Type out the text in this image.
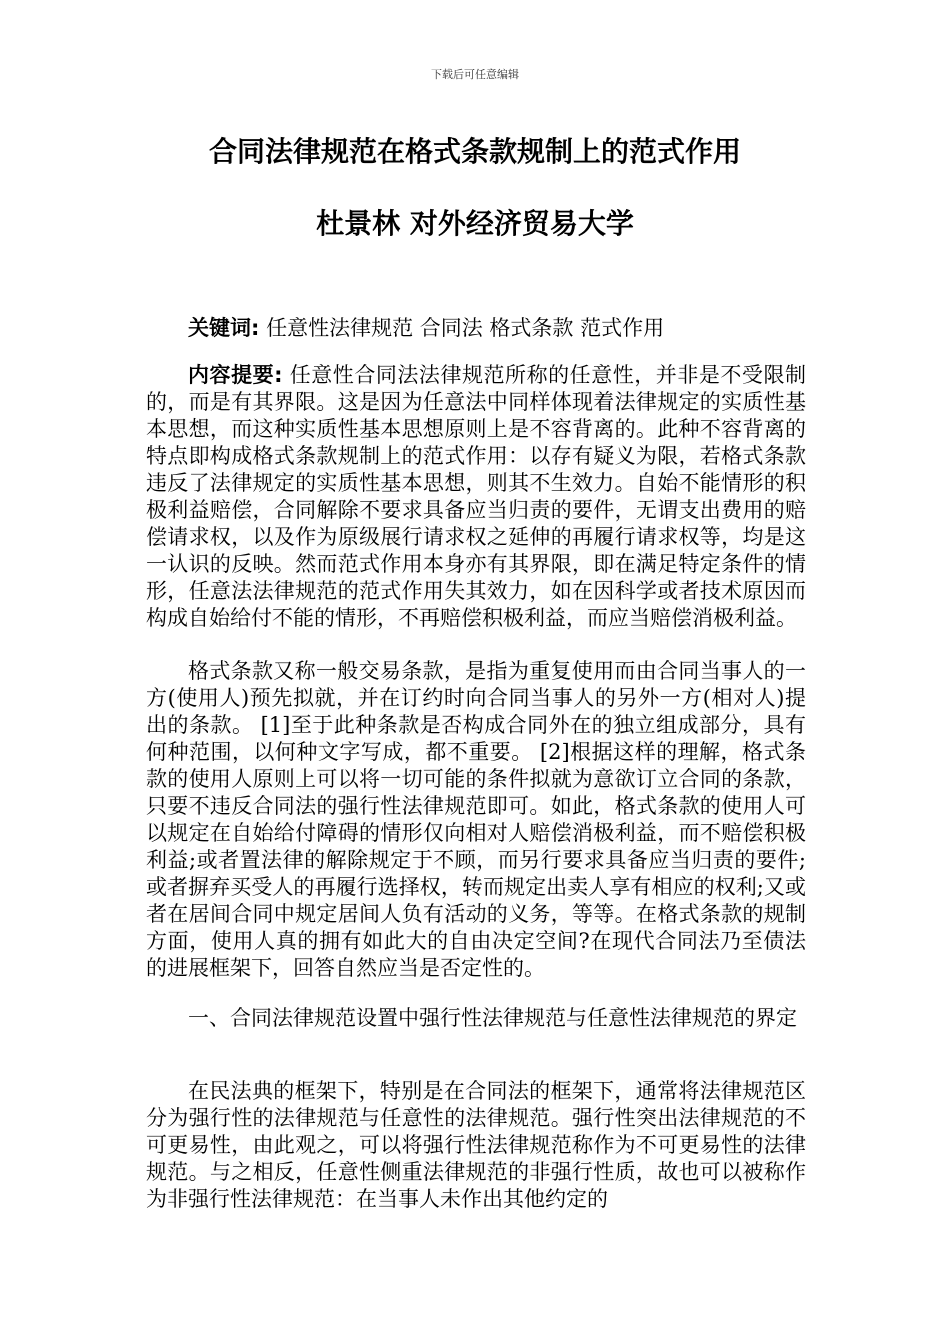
下载后可任意编辑
合同法律规范在格式条款规制上的范式作用
杜景林 对外经济贸易大学

关键词: 任意性法律规范 合同法 格式条款 范式作用

内容提要: 任意性合同法法律规范所称的任意性，并非是不受限制的，而是有其界限。这是因为任意法中同样体现着法律规定的实质性基本思想，而这种实质性基本思想原则上是不容背离的。此种不容背离的特点即构成格式条款规制上的范式作用：以存有疑义为限，若格式条款违反了法律规定的实质性基本思想，则其不生效力。自始不能情形的积极利益赔偿，合同解除不要求具备应当归责的要件，无谓支出费用的赔偿请求权，以及作为原级展行请求权之延伸的再履行请求权等，均是这一认识的反映。然而范式作用本身亦有其界限，即在满足特定条件的情形，任意法法律规范的范式作用失其效力，如在因科学或者技术原因而构成自始给付不能的情形，不再赔偿积极利益，而应当赔偿消极利益。

格式条款又称一般交易条款，是指为重复使用而由合同当事人的一方(使用人)预先拟就，并在订约时向合同当事人的另外一方(相对人)提出的条款。 [1]至于此种条款是否构成合同外在的独立组成部分，具有何种范围，以何种文字写成，都不重要。 [2]根据这样的理解，格式条款的使用人原则上可以将一切可能的条件拟就为意欲订立合同的条款，只要不违反合同法的强行性法律规范即可。如此，格式条款的使用人可以规定在自始给付障碍的情形仅向相对人赔偿消极利益，而不赔偿积极利益;或者置法律的解除规定于不顾，而另行要求具备应当归责的要件;或者摒弃买受人的再履行选择权，转而规定出卖人享有相应的权利;又或者在居间合同中规定居间人负有活动的义务，等等。在格式条款的规制方面，使用人真的拥有如此大的自由决定空间?在现代合同法乃至债法的进展框架下，回答自然应当是否定性的。

一、合同法律规范设置中强行性法律规范与任意性法律规范的界定

在民法典的框架下，特别是在合同法的框架下，通常将法律规范区分为强行性的法律规范与任意性的法律规范。强行性突出法律规范的不可更易性，由此观之，可以将强行性法律规范称作为不可更易性的法律规范。与之相反，任意性侧重法律规范的非强行性质，故也可以被称作为非强行性法律规范：在当事人未作出其他约定的
